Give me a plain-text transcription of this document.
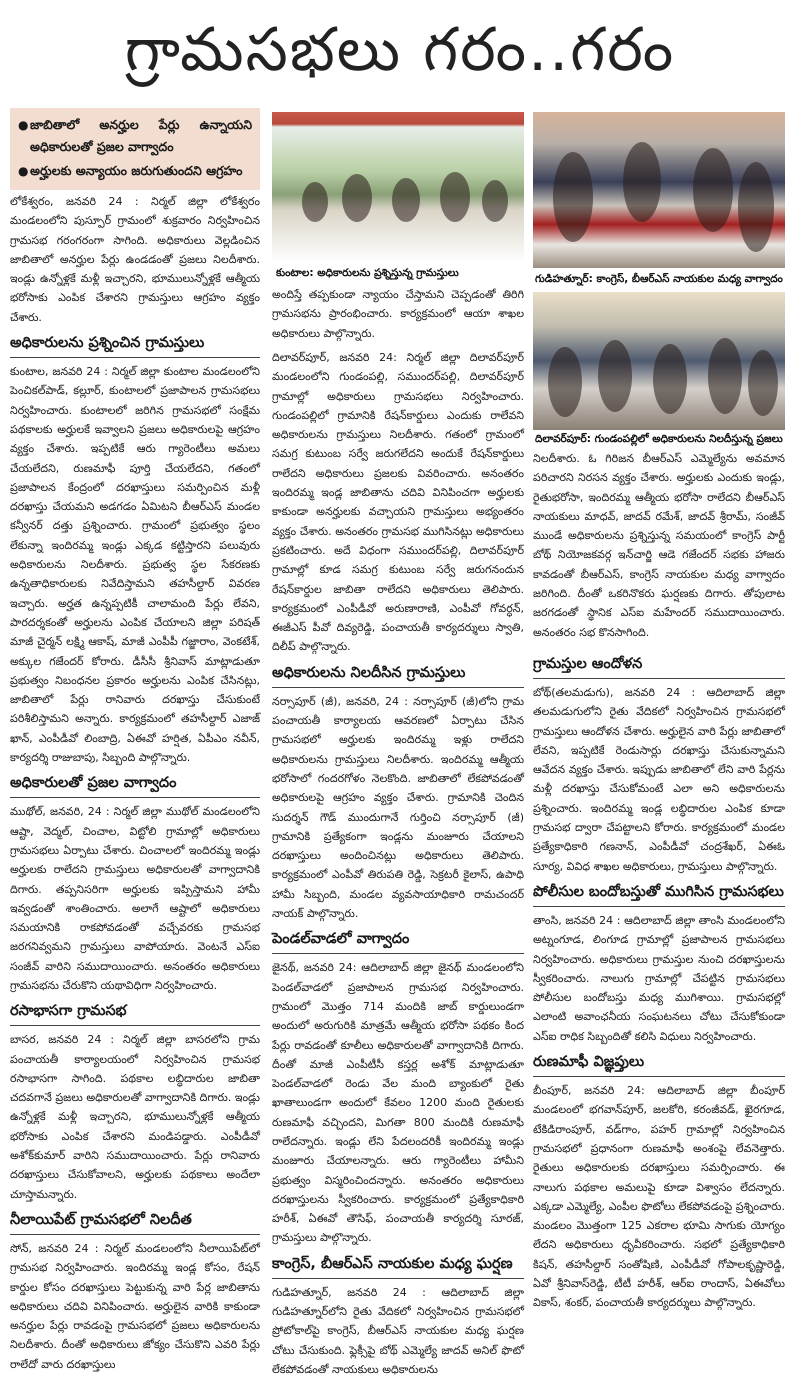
గ్రామసభలు గరం..గరం
కుంటాల: అధికారులను ప్రశ్నిస్తున్న గ్రామస్తులు	గుడిహత్నూర్: కాంగ్రెస్, బీఆర్ఎస్ నాయకుల మధ్య వాగ్వాదం
దిలావర్‌పూర్: గుండంపల్లిలో అధికారులను నిలదీస్తున్న ప్రజలు
● జాబితాలో అనర్హుల పేర్లు ఉన్నాయని అధికారులతో ప్రజల వాగ్వాదం
● అర్హులకు అన్యాయం జరుగుతుందని ఆగ్రహం

లోకేశ్వరం, జనవరి 24 : నిర్మల్ జిల్లా లోకేశ్వరం మండలంలోని పుస్పూర్ గ్రామంలో శుక్రవారం నిర్వహించిన గ్రామసభ గరంగరంగా సాగింది. అధికారులు వెల్లడించిన జాబితాలో అనర్హుల పేర్లు ఉండడంతో ప్రజలు నిలదీశారు. ఇండ్లు ఉన్నోళ్లకే మళ్లీ ఇచ్చారని, భూములున్నోళ్లకే ఆత్మీయ భరోసాకు ఎంపిక చేశారని గ్రామస్తులు ఆగ్రహం వ్యక్తం చేశారు.

అధికారులను ప్రశ్నించిన గ్రామస్తులు

కుంటాల, జనవరి 24 : నిర్మల్ జిల్లా కుంటాల మండలంలోని పెంచికల్‌పాడ్, కల్లూర్, కుంటాలలో ప్రజాపాలన గ్రామసభలు నిర్వహించారు. కుంటాలలో జరిగిన గ్రామసభలో సంక్షేమ పథకాలకు అర్హులకే ఇవ్వాలని ప్రజలు అధికారులపై ఆగ్రహం వ్యక్తం చేశారు. ఇప్పటికే ఆరు గ్యారెంటీలు అమలు చేయలేదని, రుణమాఫీ పూర్తి చేయలేదని, గతంలో ప్రజాపాలన కేంద్రంలో దరఖాస్తులు సమర్పించిన మళ్లీ దరఖాస్తు చేయమని అడగడం ఏమిటని బీఆర్ఎస్ మండల కన్వీనర్ దత్తు ప్రశ్నించారు. గ్రామంలో ప్రభుత్వం స్థలం లేకున్నా ఇందిరమ్మ ఇండ్లు ఎక్కడ కట్టిస్తారని పలువురు అధికారులను నిలదీశారు. ప్రభుత్వ స్థల సేకరణకు ఉన్నతాధికారులకు నివేదిస్తామని తహసీల్దార్ వివరణ ఇచ్చారు. అర్హత ఉన్నప్పటికీ చాలామంది పేర్లు లేవని, పారదర్శకంతో అర్హులను ఎంపిక చేయాలని జిల్లా పరిషత్ మాజీ చైర్మన్ లక్ష్మి ఆకాష్, మాజీ ఎంపీపీ గజ్జారాం, వెంకటేశ్, అక్కుల గజేందర్ కోరారు. డీసీసీ శ్రీనివాస్ మాట్లాడుతూ ప్రభుత్వం నిబంధనల ప్రకారం అర్హులను ఎంపిక చేసినట్లు, జాబితాలో పేర్లు రానివారు దరఖాస్తు చేసుకుంటే పరిశీలిస్తామని అన్నారు. కార్యక్రమంలో తహసీల్దార్ ఎజాజ్ ఖాన్, ఎంపీడీవో లింబాద్రి, ఏఈవో హర్షిత, ఏపీఎం నవీన్, కార్యదర్శి రాజుబాపు, సిబ్బంది పాల్గొన్నారు.

అధికారులతో ప్రజల వాగ్వాదం

ముథోల్, జనవరి, 24 : నిర్మల్ జిల్లా ముథోల్ మండలంలోని ఆష్టా, వెద్మల్, చించాల, విట్టోలి గ్రామాల్లో అధికారులు గ్రామసభలు ఏర్పాటు చేశారు. చించాలలో ఇందిరమ్మ ఇండ్లు అర్హులకు రాలేదని గ్రామస్తులు అధికారులతో వాగ్వాదానికి దిగారు. తప్పనిసరిగా అర్హులకు ఇప్పిస్తామని హామీ ఇవ్వడంతో శాంతించారు. అలాగే ఆష్టాలో అధికారులు సమయానికి రాకపోవడంతో వచ్చేవరకు గ్రామసభ జరగనివ్వమని గ్రామస్తులు వాపోయారు. వెంటనే ఎస్ఐ సంజీవ్ వారిని సముదాయించారు. అనంతరం అధికారులు గ్రామసభను చేరుకొని యథావిధిగా నిర్వహించారు.

రసాభాసగా గ్రామసభ

బాసర, జనవరి 24 : నిర్మల్ జిల్లా బాసరలోని గ్రామ పంచాయతీ కార్యాలయంలో నిర్వహించిన గ్రామసభ రసాభాసగా సాగింది. పథకాల లబ్ధిదారుల జాబితా చదవగానే ప్రజలు అధికారులతో వాగ్వాదానికి దిగారు. ఇండ్లు ఉన్నోళ్లకే మళ్లీ ఇచ్చారని, భూములున్నోళ్లకే ఆత్మీయ భరోసాకు ఎంపిక చేశారని మండిపడ్డారు. ఎంపీడీవో అశోక్‌కుమార్ వారిని సముదాయించారు. పేర్లు రానివారు దరఖాస్తులు చేసుకోవాలని, అర్హులకు పథకాలు అందేలా చూస్తామన్నారు.

నీలాయిపేట్ గ్రామసభలో నిలదీత

సోన్, జనవరి 24 : నిర్మల్ మండలంలోని నీలాయిపేట్‌లో గ్రామసభ నిర్వహించారు. ఇందిరమ్మ ఇండ్ల కోసం, రేషన్ కార్డుల కోసం దరఖాస్తులు పెట్టుకున్న వారి పేర్ల జాబితాను అధికారులు చదివి వినిపించారు. అర్హులైన వారికి కాకుండా అనర్హుల పేర్లు రావడంపై గ్రామసభలో ప్రజలు అధికారులను నిలదీశారు. దీంతో అధికారులు జోక్యం చేసుకొని ఎవరి పేర్లు రాలేదో వారు దరఖాస్తులు

అందిస్తే తప్పకుండా న్యాయం చేస్తామని చెప్పడంతో తిరిగి గ్రామసభను ప్రారంభించారు. కార్యక్రమంలో ఆయా శాఖల అధికారులు పాల్గొన్నారు.

దిలావర్‌పూర్, జనవరి 24: నిర్మల్ జిల్లా దిలావర్‌పూర్ మండలంలోని గుండంపల్లి, సముందర్‌పల్లి, దిలావర్‌పూర్ గ్రామాల్లో అధికారులు గ్రామసభలు నిర్వహించారు. గుండంపల్లిలో గ్రామానికి రేషన్‌కార్డులు ఎందుకు రాలేవని అధికారులను గ్రామస్తులు నిలదీశారు. గతంలో గ్రామంలో సమగ్ర కుటుంబ సర్వే జరుగలేదని అందుకే రేషన్‌కార్డులు రాలేదని అధికారులు ప్రజలకు వివరించారు. అనంతరం ఇందిరమ్మ ఇండ్ల జాబితాను చదివి వినిపించగా అర్హులకు కాకుండా అనర్హులకు వచ్చాయని గ్రామస్తులు అభ్యంతరం వ్యక్తం చేశారు. అనంతరం గ్రామసభ ముగిసినట్లు అధికారులు ప్రకటించారు. అదే విధంగా సముందర్‌పల్లి, దిలావర్‌పూర్ గ్రామాల్లో కూడ సమగ్ర కుటుంబ సర్వే జరుగనందున రేషన్‌కార్డుల జాబితా రాలేదని అధికారులు తెలిపారు. కార్యక్రమంలో ఎంపీడీవో అరుణారాణి, ఎంపీవో గోవర్ధన్, ఈజీఎస్ పీవో దివ్యరెడ్డి, పంచాయతీ కార్యదర్శులు స్వాతి, దిలీప్ పాల్గొన్నారు.

అధికారులను నిలదీసిన గ్రామస్తులు

నర్సాపూర్ (జీ), జనవరి, 24 : నర్సాపూర్ (జీ)లోని గ్రామ పంచాయతీ కార్యాలయ ఆవరణలో ఏర్పాటు చేసిన గ్రామసభలో అర్హులకు ఇందిరమ్మ ఇళ్లు రాలేదని అధికారులను గ్రామస్తులు నిలదీశారు. ఇందిరమ్మ ఆత్మీయ భరోసాలో గందరగోళం నెలకొంది. జాబితాలో లేకపోవడంతో అధికారులపై ఆగ్రహం వ్యక్తం చేశారు. గ్రామానికి చెందిన సుదర్శన్ గౌడ్ ముందుగానే గుర్తించి నర్సాపూర్ (జీ) గ్రామానికి ప్రత్యేకంగా ఇండ్లను మంజూరు చేయాలని దరఖాస్తులు అందించినట్లు అధికారులు తెలిపారు. కార్యక్రమంలో ఎంపీవో తిరుపతి రెడ్డి, సెక్రటరీ కైలాస్, ఉపాధి హామీ సిబ్బంది, మండల వ్యవసాయాధికారి రామచందర్ నాయక్ పాల్గొన్నారు.

పెండల్‌వాడలో వాగ్వాదం

జైనథ్, జనవరి 24: ఆదిలాబాద్ జిల్లా జైనథ్ మండలంలోని పెండల్‌వాడలో ప్రజాపాలన గ్రామసభ నిర్వహించారు. గ్రామంలో మొత్తం 714 మందికి జాబ్ కార్డులుండగా అందులో అరుగురికి మాత్రమే ఆత్మీయ భరోసా పథకం కింద పేర్లు రావడంతో కూలీలు అధికారులతో వాగ్వాదానికి దిగారు. దీంతో మాజీ ఎంపీటీసీ కస్తర్ల అశోక్ మాట్లాడుతూ పెండల్‌వాడలో రెండు వేల మంది బ్యాంకులో రైతు ఖాతాలుండగా అందులో కేవలం 1200 మంది రైతులకు రుణమాఫీ వచ్చిందని, మిగతా 800 మందికి రుణమాఫీ రాలేదన్నారు. ఇండ్లు లేని పేదలందరికీ ఇందిరమ్మ ఇండ్లు మంజూరు చేయాలన్నారు. ఆరు గ్యారెంటీలు హామీని ప్రభుత్వం విస్మరించిందన్నారు. అనంతరం అధికారులు దరఖాస్తులను స్వీకరించారు. కార్యక్రమంలో ప్రత్యేకాధికారి హరీశ్, ఏఈవో తౌసిఫ్, పంచాయతీ కార్యదర్శి సూరజ్, గ్రామస్తులు పాల్గొన్నారు.

కాంగ్రెస్, బీఆర్ఎస్ నాయకుల మధ్య ఘర్షణ

గుడిహత్నూర్, జనవరి 24 : ఆదిలాబాద్ జిల్లా గుడిహత్నూర్‌లోని రైతు వేదికలో నిర్వహించిన గ్రామసభలో ప్రోటోకాల్‌పై కాంగ్రెస్, బీఆర్ఎస్ నాయకుల మధ్య ఘర్షణ చోటు చేసుకుంది. ఫ్లెక్సీపై బోథ్ ఎమ్మెల్యే జాదవ్ అనిల్ ఫొటో లేకపోవడంతో నాయకులు అధికారులను

నిలదీశారు. ఓ గిరిజన బీఆర్ఎస్ ఎమ్మెల్యేను అవమాన పరిచారని నిరసన వ్యక్తం చేశారు. అర్హులకు ఎందుకు ఇండ్లు, రైతుభరోసా, ఇందిరమ్మ ఆత్మీయ భరోసా రాలేదని బీఆర్ఎస్ నాయకులు మాధవ్, జాదవ్ రమేశ్, జాదవ్ శ్రీరామ్, సంజీవ్ ముండే అధికారులను ప్రశ్నిస్తున్న సమయంలో కాంగ్రెస్ పార్టీ బోథ్ నియోజకవర్గ ఇన్‌చార్జి ఆడె గజేందర్ సభకు హాజరు కావడంతో బీఆర్ఎస్, కాంగ్రెస్ నాయకుల మధ్య వాగ్వాదం జరిగింది. దీంతో ఒకరినొకరు ఘర్షణకు దిగారు. తోపులాట జరగడంతో స్థానిక ఎస్ఐ మహేందర్ సముదాయించారు. అనంతరం సభ కొనసాగింది.

గ్రామస్తుల ఆందోళన

బోథ్(తలమడుగు), జనవరి 24 : ఆదిలాబాద్ జిల్లా తలమడుగులోని రైతు వేదికలో నిర్వహించిన గ్రామసభలో గ్రామస్తులు ఆందోళన చేశారు. అర్హులైన వారి పేర్లు జాబితాలో లేవని, ఇప్పటికే రెండుసార్లు దరఖాస్తు చేసుకున్నామని ఆవేదన వ్యక్తం చేశారు. ఇప్పుడు జాబితాలో లేని వారి పేర్లను మళ్లీ దరఖాస్తు చేసుకోమంటే ఎలా అని అధికారులను ప్రశ్నించారు. ఇందిరమ్మ ఇండ్ల లబ్ధిదారుల ఎంపిక కూడా గ్రామసభ ద్వారా చేపట్టాలని కోరారు. కార్యక్రమంలో మండల ప్రత్యేకాధికారి గణనాన్, ఎంపీడీవో చంద్రశేఖర్, ఏఈఓ సూర్య, వివిధ శాఖల అధికారులు, గ్రామస్తులు పాల్గొన్నారు.

పోలీసుల బందోబస్తుతో ముగిసిన గ్రామసభలు

తాంసి, జనవరి 24 : ఆదిలాబాద్ జిల్లా తాంసి మండలంలోని అట్నంగూడ, లింగూడ గ్రామాల్లో ప్రజాపాలన గ్రామసభలు నిర్వహించారు. అధికారులు గ్రామస్తుల నుంచి దరఖాస్తులను స్వీకరించారు. నాలుగు గ్రామాల్లో చేపట్టిన గ్రామసభలు పోలీసుల బందోబస్తు మధ్య ముగిశాయి. గ్రామసభల్లో ఎలాంటి అవాంఛనీయ సంఘటనలు చోటు చేసుకోకుండా ఎస్ఐ రాధిక సిబ్బందితో కలిసి విధులు నిర్వహించారు.

రుణమాఫీ విజ్ఞప్తులు

బీంపూర్, జనవరి 24: ఆదిలాబాద్ జిల్లా బీంపూర్ మండలంలో భగవాన్‌పూర్, జలకోరి, కరంజీవడ్, ఖైరగూడ, టేకిడిరాంపూర్, వడ్‌గాం, పహర్ గ్రామాల్లో నిర్వహించిన గ్రామసభలో ప్రధానంగా రుణమాఫీ అంశంపై లేవనెత్తారు. రైతులు అధికారులకు దరఖాస్తులు సమర్పించారు. ఈ నాలుగు పథకాల అమలుపై కూడా విశ్వాసం లేదన్నారు. ఎక్కడా ఎమ్మెల్యే, ఎంపీల ఫొటోలు లేకపోవడంపై ప్రశ్నించారు. మండలం మొత్తంగా 125 ఎకరాల భూమి సాగుకు యోగ్యం లేదని అధికారులు ధృవీకరించారు. సభలో ప్రత్యేకాధికారి కిషన్, తహసీల్దార్ సంతోషిణి, ఎంపీడీవో గోపాలకృష్ణారెడ్డి, ఏవో శ్రీనివాస్‌రెడ్డి, టీటీ హరీశ్, ఆర్‌ఐ రాందాస్, ఏఈవోలు వికాస్, శంకర్, పంచాయతీ కార్యదర్శులు పాల్గొన్నారు.
